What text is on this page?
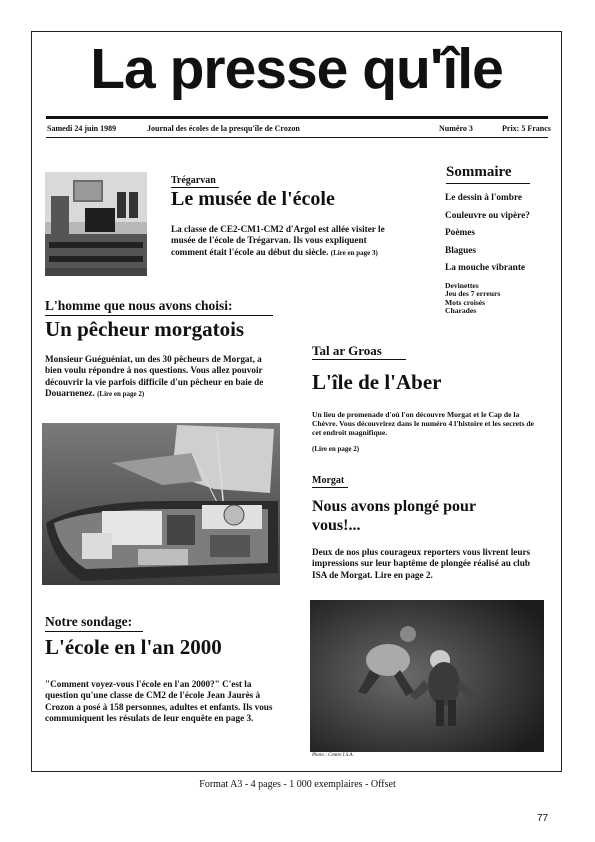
La presse qu'île
Samedi 24 juin 1989	Journal des écoles de la presqu'île de Crozon	Numéro 3	Prix: 5 Francs
Trégarvan
Le musée de l'école
La classe de CE2-CM1-CM2 d'Argol est allée visiter le musée de l'école de Trégarvan. Ils vous expliquent comment était l'école au début du siècle. (Lire en page 3)
Sommaire
Le dessin à l'ombre
Couleuvre ou vipère?
Poèmes
Blagues
La mouche vibrante
Devinettes
Jeu des 7 erreurs
Mots croisés
Charades
L'homme que nous avons choisi:
Un pêcheur morgatois
Monsieur Guéguéniat, un des 30 pêcheurs de Morgat, a bien voulu répondre à nos questions. Vous allez pouvoir découvrir la vie parfois difficile d'un pêcheur en baie de Douarnenez. (Lire en page 2)
Tal ar Groas
L'île de l'Aber
Un lieu de promenade d'où l'on découvre Morgat et le Cap de la Chèvre. Vous découvrirez dans le numéro 4 l'histoire et les secrets de cet endroit magnifique.
(Lire en page 2)
Morgat
Nous avons plongé pour
vous!...
Deux de nos plus courageux reporters vous livrent leurs impressions sur leur baptême de plongée réalisé au club ISA de Morgat. Lire en page 2.
Photo : Centre I.S.A.
Notre sondage:
L'école en l'an 2000
"Comment voyez-vous l'école en l'an 2000?" C'est la question qu'une classe de CM2 de l'école Jean Jaurès à Crozon a posé à 158 personnes, adultes et enfants. Ils vous communiquent les résulats de leur enquête en page 3.
Format A3 - 4 pages - 1 000 exemplaires - Offset
77
